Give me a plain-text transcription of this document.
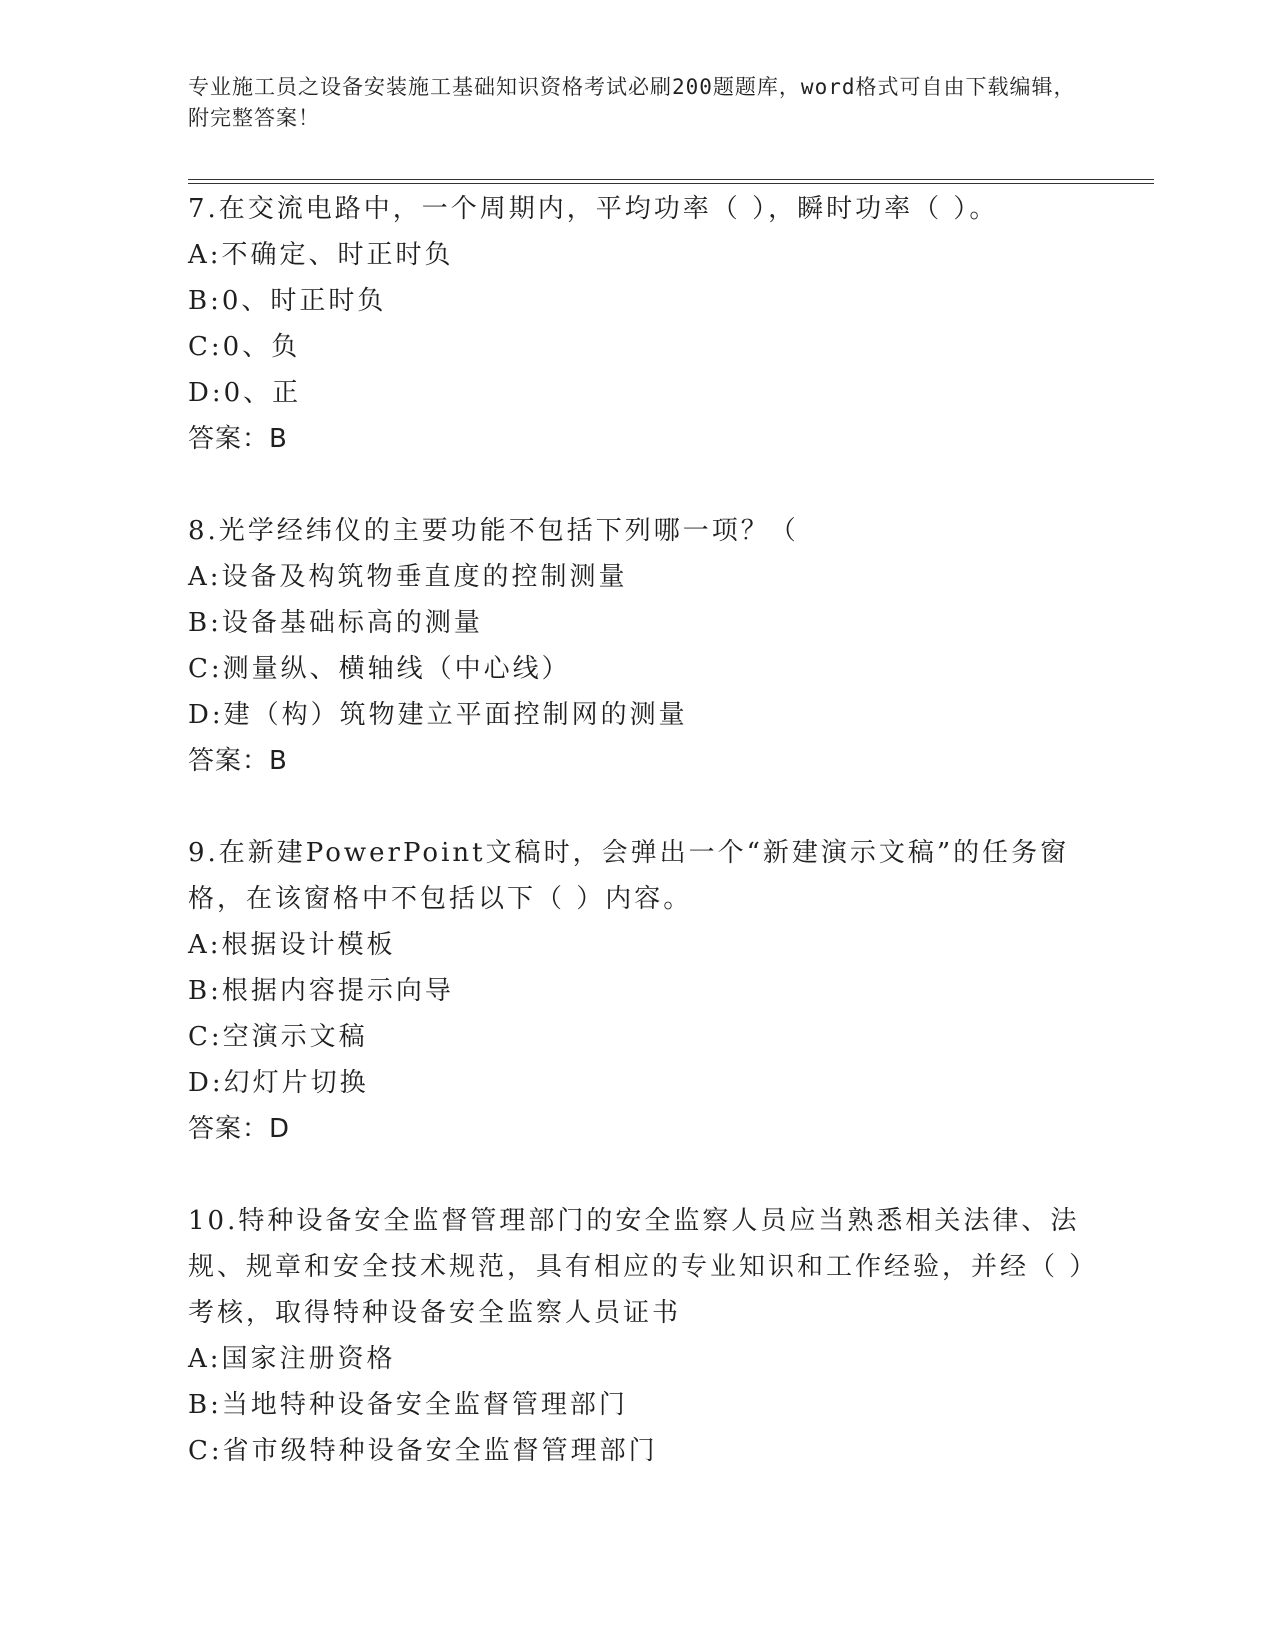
专业施工员之设备安装施工基础知识资格考试必刷200题题库，word格式可自由下载编辑，附完整答案！

7.在交流电路中，一个周期内，平均功率（ ），瞬时功率（ ）。

A:不确定、时正时负

B:0、时正时负

C:0、负

D:0、正

答案：B

8.光学经纬仪的主要功能不包括下列哪一项？（

A:设备及构筑物垂直度的控制测量

B:设备基础标高的测量

C:测量纵、横轴线（中心线）

D:建（构）筑物建立平面控制网的测量

答案：B

9.在新建PowerPoint文稿时，会弹出一个“新建演示文稿”的任务窗格，在该窗格中不包括以下（ ）内容。

A:根据设计模板

B:根据内容提示向导

C:空演示文稿

D:幻灯片切换

答案：D

10.特种设备安全监督管理部门的安全监察人员应当熟悉相关法律、法规、规章和安全技术规范，具有相应的专业知识和工作经验，并经（ ）考核，取得特种设备安全监察人员证书

A:国家注册资格

B:当地特种设备安全监督管理部门

C:省市级特种设备安全监督管理部门
